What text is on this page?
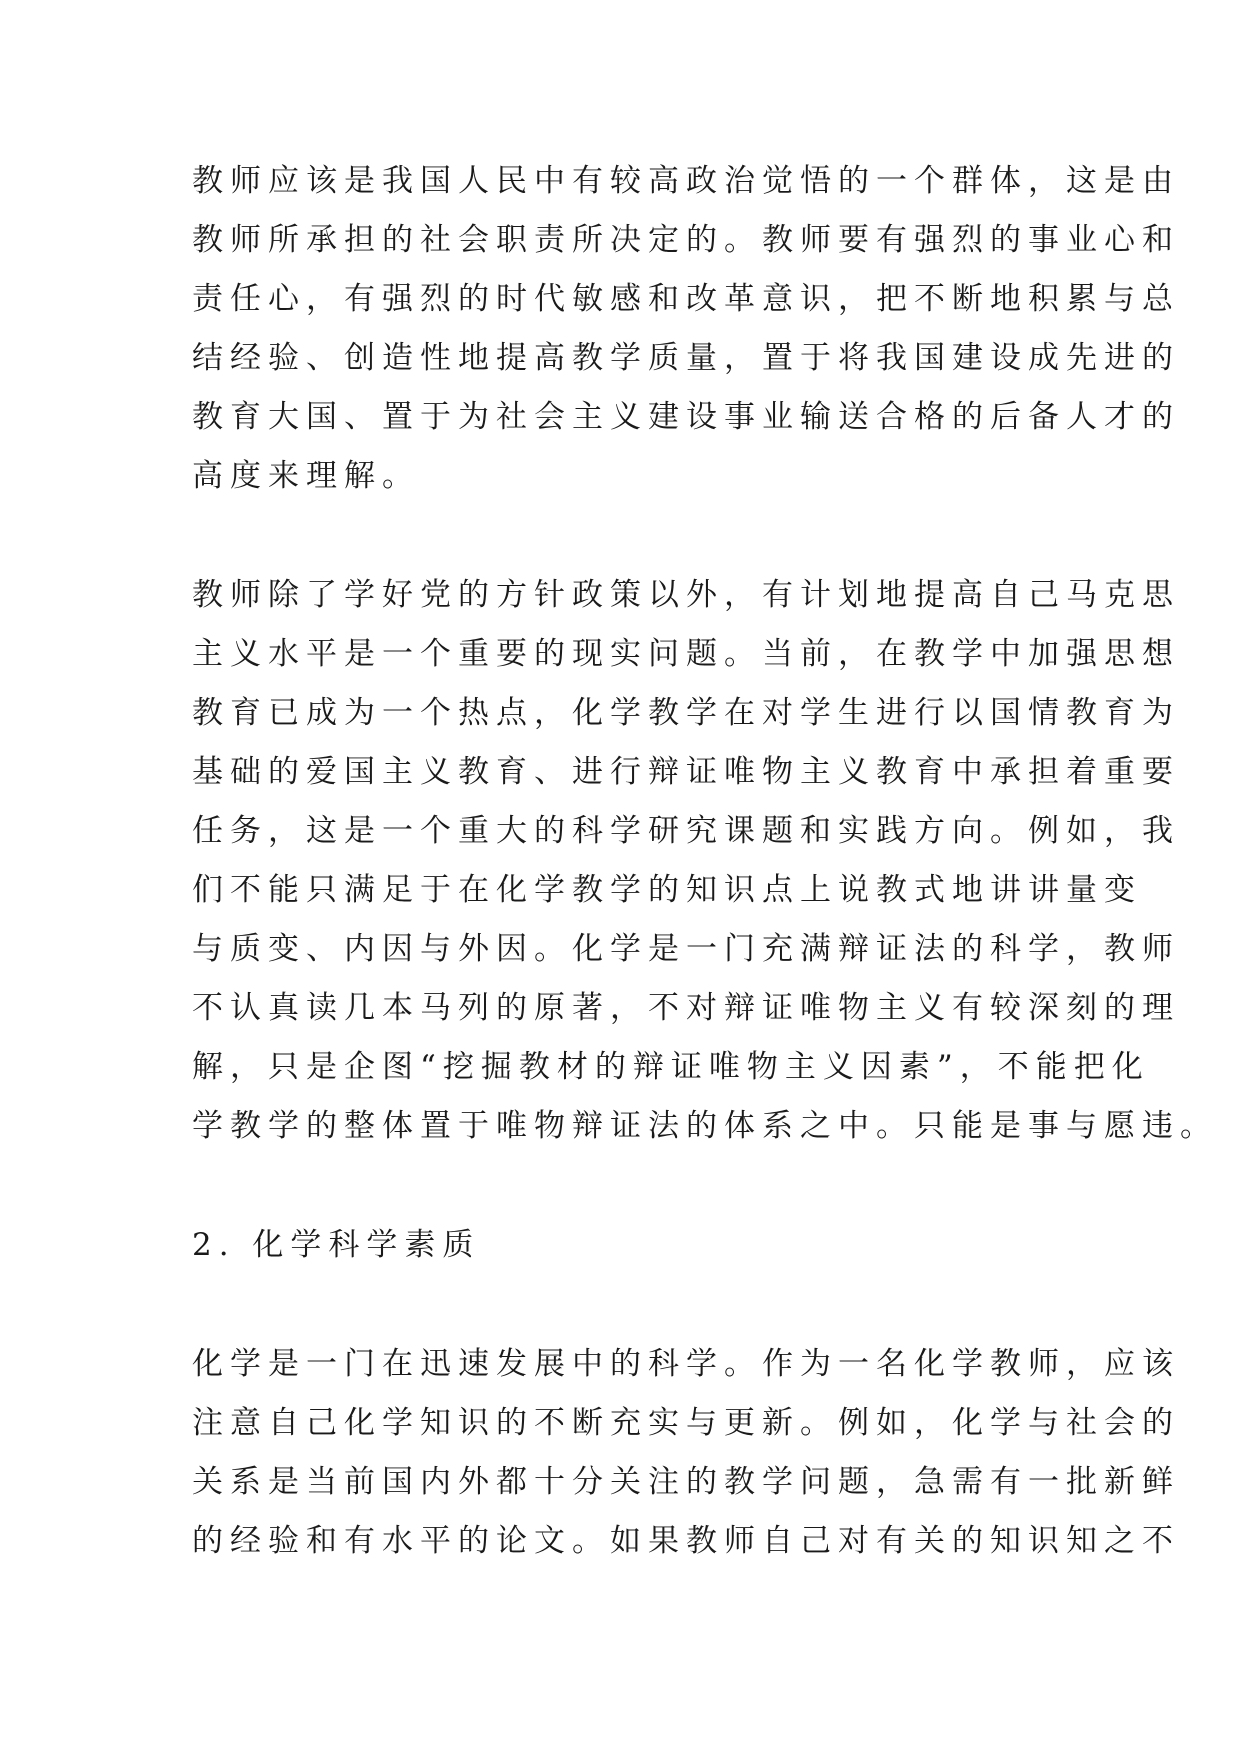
教师应该是我国人民中有较高政治觉悟的一个群体，这是由
教师所承担的社会职责所决定的。教师要有强烈的事业心和
责任心，有强烈的时代敏感和改革意识，把不断地积累与总
结经验、创造性地提高教学质量，置于将我国建设成先进的
教育大国、置于为社会主义建设事业输送合格的后备人才的
高度来理解。
教师除了学好党的方针政策以外，有计划地提高自己马克思
主义水平是一个重要的现实问题。当前，在教学中加强思想
教育已成为一个热点，化学教学在对学生进行以国情教育为
基础的爱国主义教育、进行辩证唯物主义教育中承担着重要
任务，这是一个重大的科学研究课题和实践方向。例如，我
们不能只满足于在化学教学的知识点上说教式地讲讲量变
与质变、内因与外因。化学是一门充满辩证法的科学，教师
不认真读几本马列的原著，不对辩证唯物主义有较深刻的理
解，只是企图“挖掘教材的辩证唯物主义因素”，不能把化
学教学的整体置于唯物辩证法的体系之中。只能是事与愿违。
2. 化学科学素质
化学是一门在迅速发展中的科学。作为一名化学教师，应该
注意自己化学知识的不断充实与更新。例如，化学与社会的
关系是当前国内外都十分关注的教学问题，急需有一批新鲜
的经验和有水平的论文。如果教师自己对有关的知识知之不
